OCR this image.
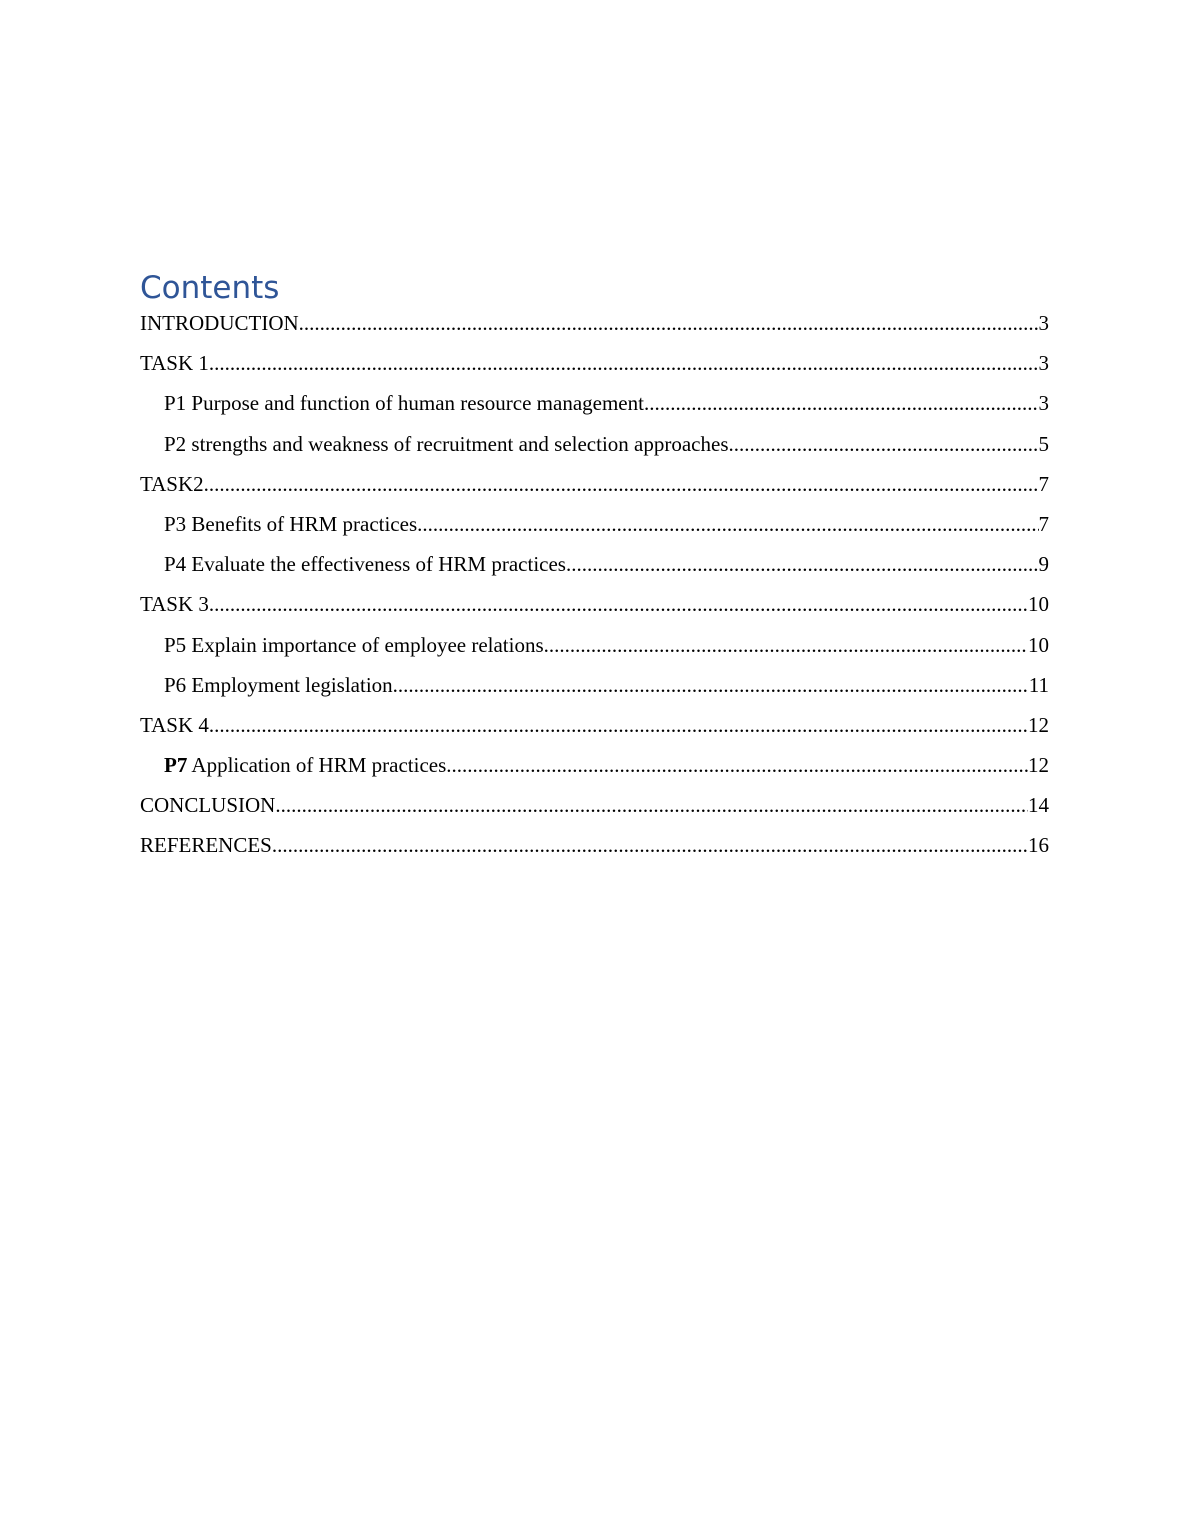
Contents
INTRODUCTION .....	3
TASK 1 .....	3
P1 Purpose and function of human resource management .....	3
P2 strengths and weakness of recruitment and selection approaches .....	5
TASK2 .....	7
P3 Benefits of HRM practices .....	7
P4 Evaluate the effectiveness of HRM practices .....	9
TASK 3 .....	10
P5 Explain importance of employee relations .....	10
P6 Employment legislation .....	11
TASK 4 .....	12
P7 Application of HRM practices .....	12
CONCLUSION .....	14
REFERENCES .....	16
